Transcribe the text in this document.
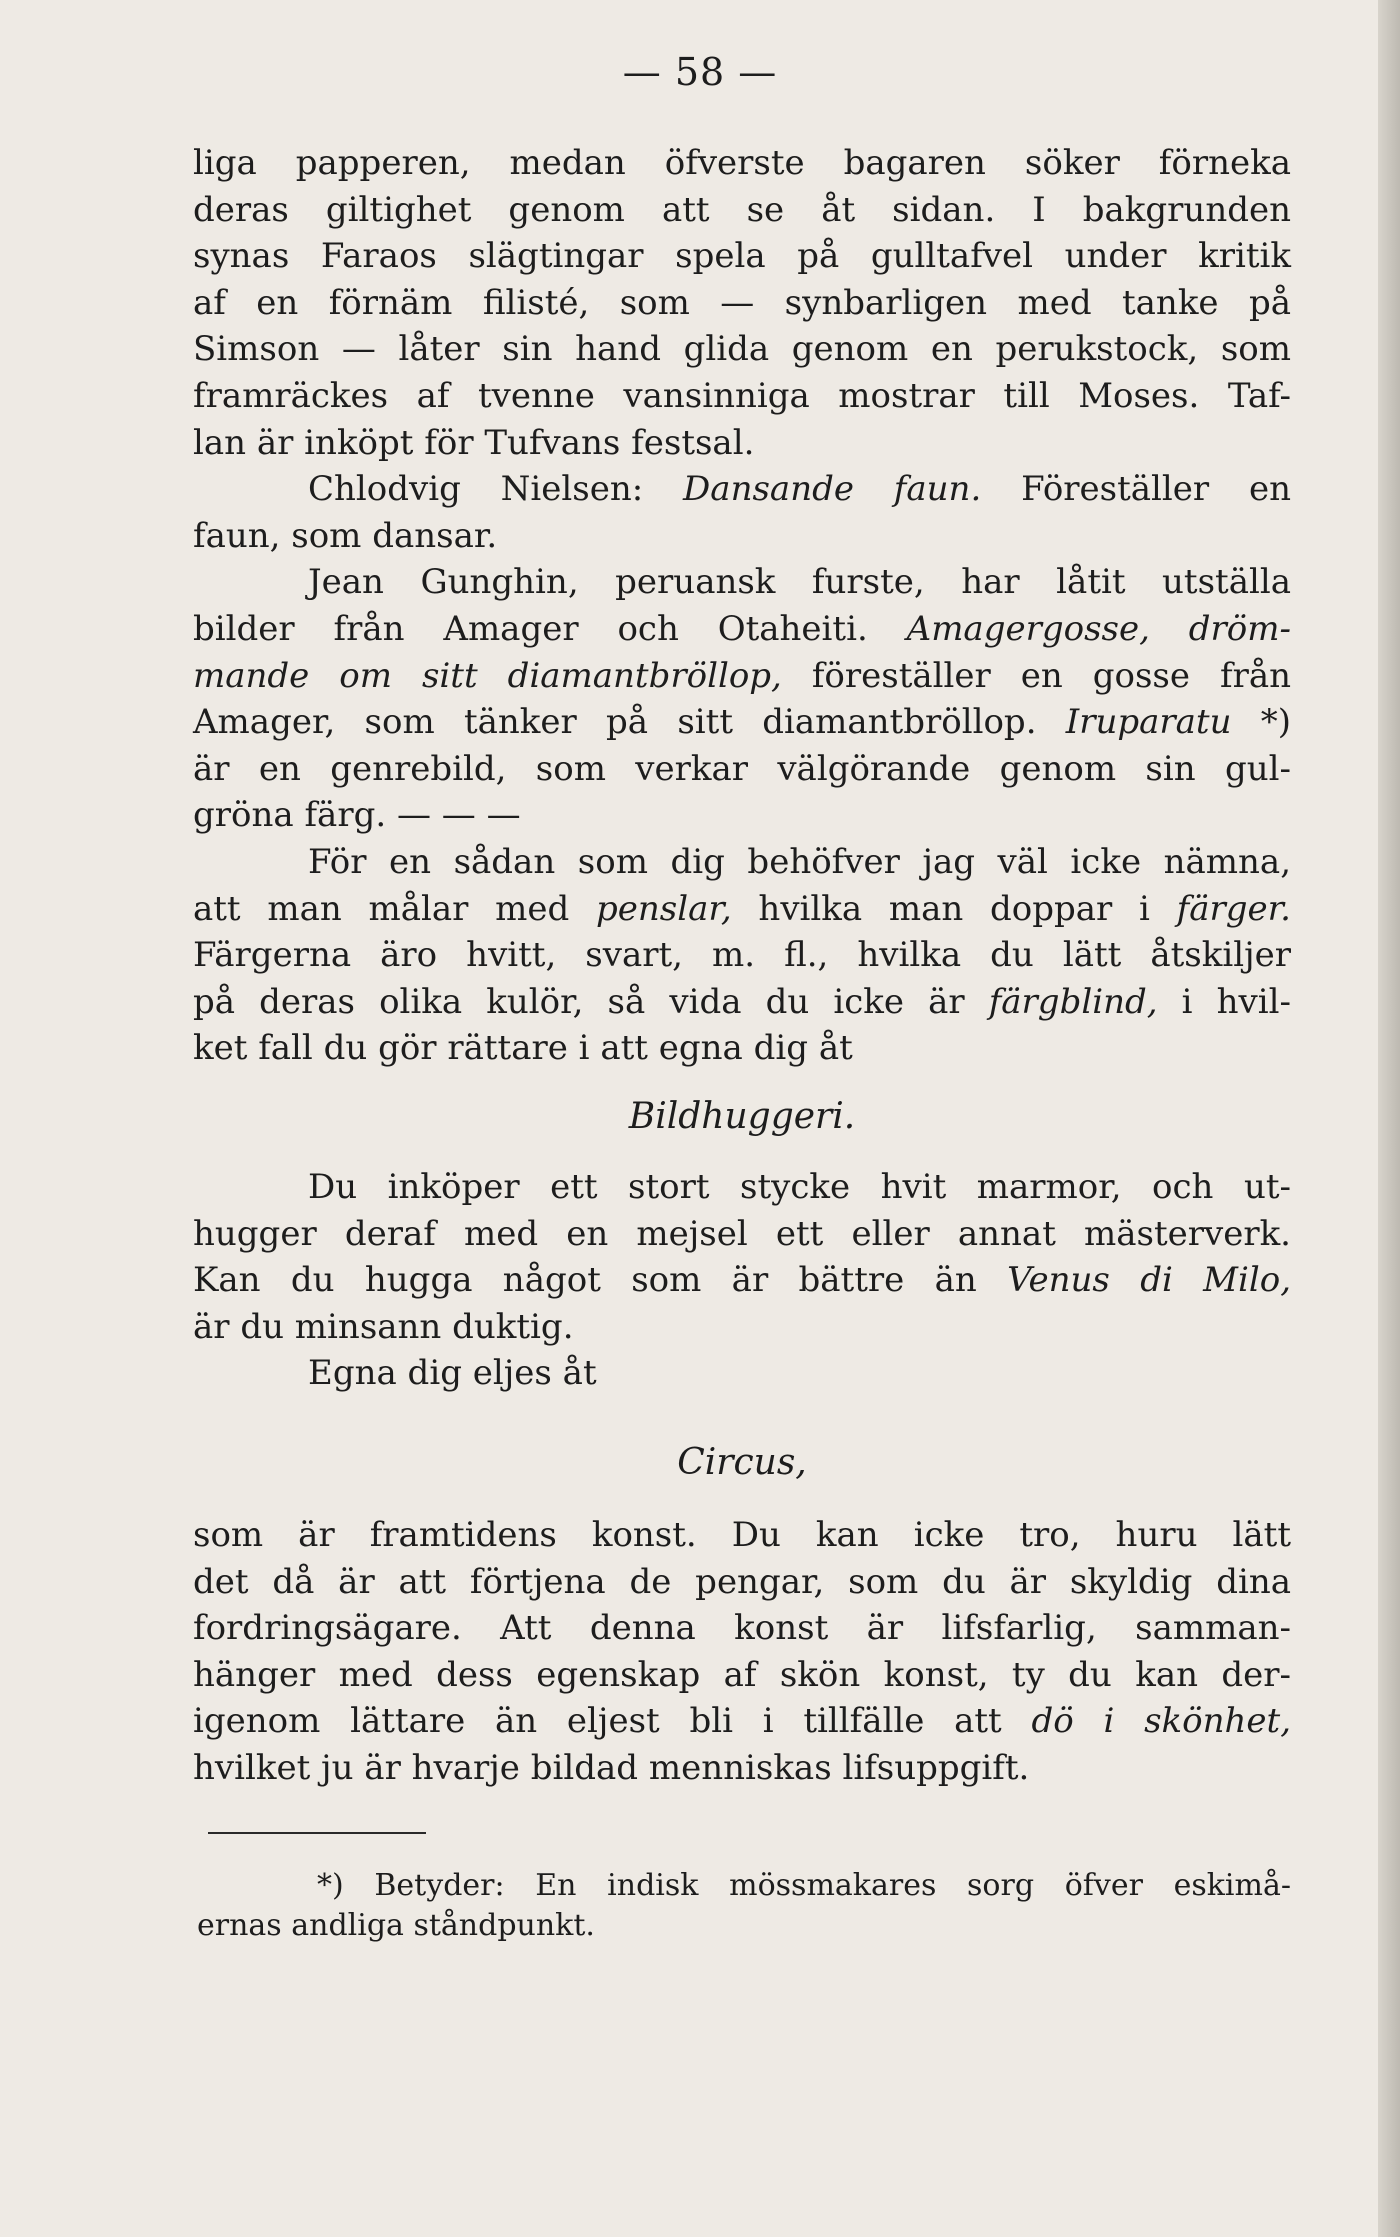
— 58 —
liga papperen, medan öfverste bagaren söker förneka
deras giltighet genom att se åt sidan. I bakgrunden
synas Faraos slägtingar spela på gulltafvel under kritik
af en förnäm filisté, som — synbarligen med tanke på
Simson — låter sin hand glida genom en perukstock, som
framräckes af tvenne vansinniga mostrar till Moses. Taf-
lan är inköpt för Tufvans festsal.
Chlodvig Nielsen: Dansande faun. Föreställer en
faun, som dansar.
Jean Gunghin, peruansk furste, har låtit utställa
bilder från Amager och Otaheiti. Amagergosse, dröm-
mande om sitt diamantbröllop, föreställer en gosse från
Amager, som tänker på sitt diamantbröllop. Iruparatu *)
är en genrebild, som verkar välgörande genom sin gul-
gröna färg. — — —
För en sådan som dig behöfver jag väl icke nämna,
att man målar med penslar, hvilka man doppar i färger.
Färgerna äro hvitt, svart, m. fl., hvilka du lätt åtskiljer
på deras olika kulör, så vida du icke är färgblind, i hvil-
ket fall du gör rättare i att egna dig åt
Bildhuggeri.
Du inköper ett stort stycke hvit marmor, och ut-
hugger deraf med en mejsel ett eller annat mästerverk.
Kan du hugga något som är bättre än Venus di Milo,
är du minsann duktig.
Egna dig eljes åt
Circus,
som är framtidens konst. Du kan icke tro, huru lätt
det då är att förtjena de pengar, som du är skyldig dina
fordringsägare. Att denna konst är lifsfarlig, samman-
hänger med dess egenskap af skön konst, ty du kan der-
igenom lättare än eljest bli i tillfälle att dö i skönhet,
hvilket ju är hvarje bildad menniskas lifsuppgift.
*) Betyder: En indisk mössmakares sorg öfver eskimå-
ernas andliga ståndpunkt.
